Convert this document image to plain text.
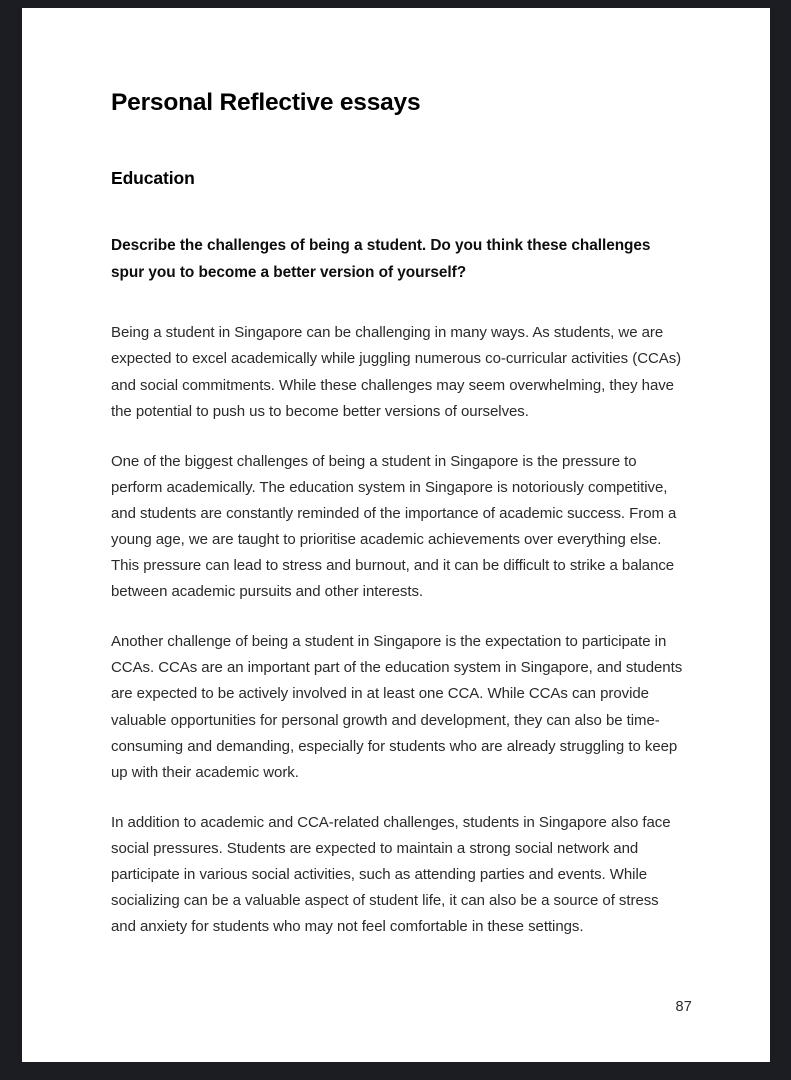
Personal Reflective essays
Education

Describe the challenges of being a student. Do you think these challenges spur you to become a better version of yourself?

Being a student in Singapore can be challenging in many ways. As students, we are expected to excel academically while juggling numerous co-curricular activities (CCAs) and social commitments. While these challenges may seem overwhelming, they have the potential to push us to become better versions of ourselves.

One of the biggest challenges of being a student in Singapore is the pressure to perform academically. The education system in Singapore is notoriously competitive, and students are constantly reminded of the importance of academic success. From a young age, we are taught to prioritise academic achievements over everything else. This pressure can lead to stress and burnout, and it can be difficult to strike a balance between academic pursuits and other interests.

Another challenge of being a student in Singapore is the expectation to participate in CCAs. CCAs are an important part of the education system in Singapore, and students are expected to be actively involved in at least one CCA. While CCAs can provide valuable opportunities for personal growth and development, they can also be time-consuming and demanding, especially for students who are already struggling to keep up with their academic work.

In addition to academic and CCA-related challenges, students in Singapore also face social pressures. Students are expected to maintain a strong social network and participate in various social activities, such as attending parties and events. While socializing can be a valuable aspect of student life, it can also be a source of stress and anxiety for students who may not feel comfortable in these settings.

87
